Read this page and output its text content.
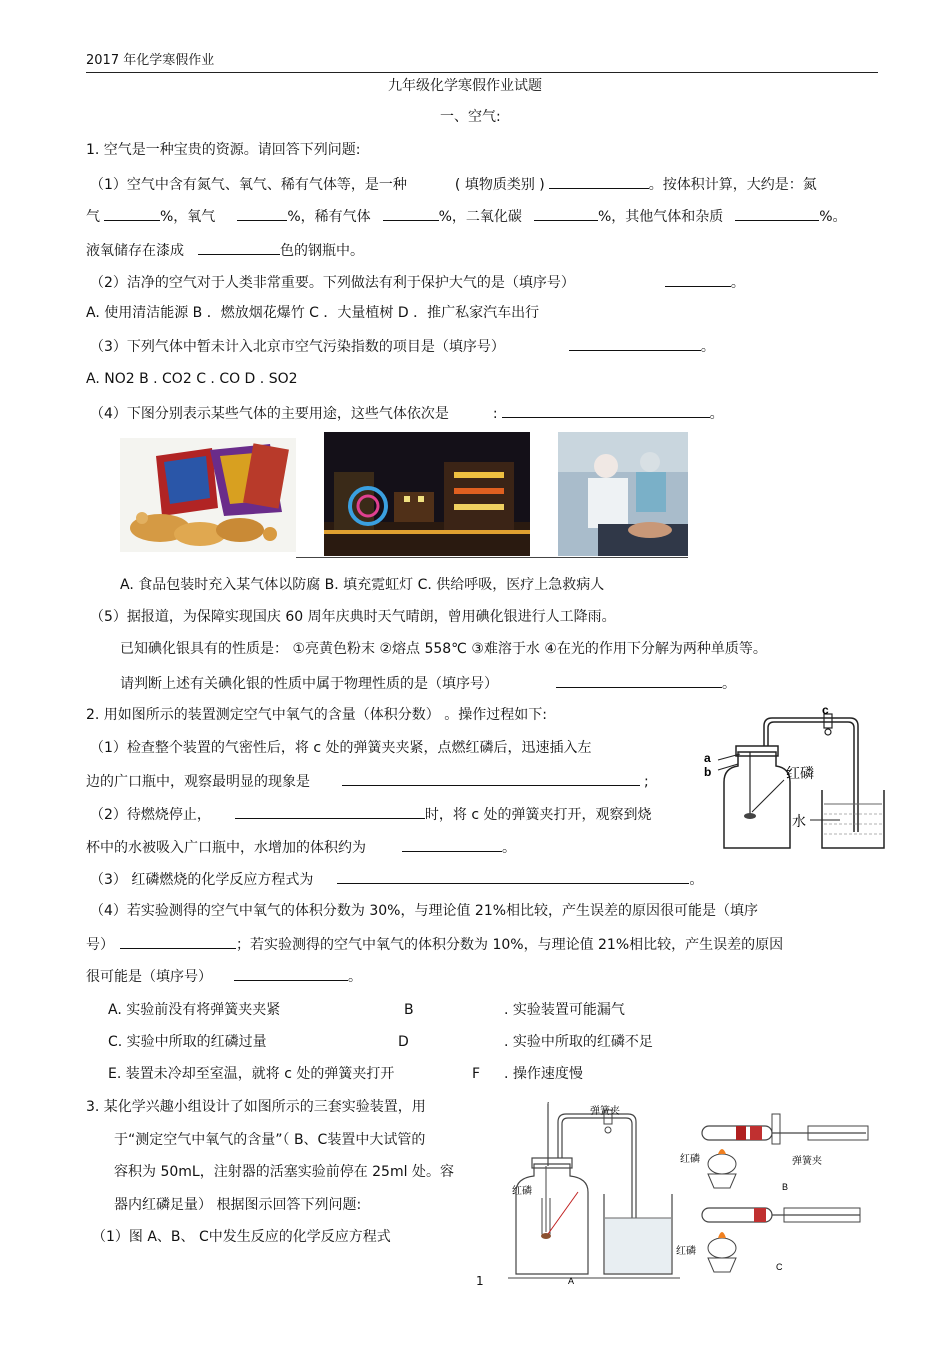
2017 年化学寒假作业
九年级化学寒假作业试题
一、空气:
1. 空气是一种宝贵的资源。请回答下列问题:
（1）空气中含有氮气、氧气、稀有气体等，是一种	( 填物质类别 )	。按体积计算，大约是：氮
气	%，氧气	%，稀有气体	%，二氧化碳	%，其他气体和杂质	%。
液氧储存在漆成	色的钢瓶中。
（2）洁净的空气对于人类非常重要。下列做法有利于保护大气的是（填序号）	。
A. 使用清洁能源 B ．燃放烟花爆竹 C ．大量植树 D ．推广私家汽车出行
（3）下列气体中暂未计入北京市空气污染指数的项目是（填序号）	。
A. NO2 B . CO2 C . CO D . SO2
（4）下图分别表示某些气体的主要用途，这些气体依次是	:	。
A. 食品包装时充入某气体以防腐 B. 填充霓虹灯 C. 供给呼吸，医疗上急救病人
（5）据报道，为保障实现国庆 60 周年庆典时天气晴朗，曾用碘化银进行人工降雨。
已知碘化银具有的性质是： ①亮黄色粉末 ②熔点 558℃ ③难溶于水 ④在光的作用下分解为两种单质等。
请判断上述有关碘化银的性质中属于物理性质的是（填序号）	。
2. 用如图所示的装置测定空气中氧气的含量（体积分数） 。操作过程如下:
（1）检查整个装置的气密性后，将 c 处的弹簧夹夹紧，点燃红磷后，迅速插入左
边的广口瓶中，观察最明显的现象是	;
（2）待燃烧停止，	时，将 c 处的弹簧夹打开，观察到烧
杯中的水被吸入广口瓶中，水增加的体积约为	。
（3） 红磷燃烧的化学反应方程式为	。
（4）若实验测得的空气中氧气的体积分数为 30%，与理论值 21%相比较，产生误差的原因很可能是（填序
号）	；若实验测得的空气中氧气的体积分数为 10%，与理论值 21%相比较，产生误差的原因
很可能是（填序号）	。
A. 实验前没有将弹簧夹夹紧	B	. 实验装置可能漏气
C. 实验中所取的红磷过量	D	. 实验中所取的红磷不足
E. 装置未冷却至室温，就将 c 处的弹簧夹打开	F . 操作速度慢
a
b
c
红磷
水
3. 某化学兴趣小组设计了如图所示的三套实验装置，用
于“测定空气中氧气的含量”（ B、C装置中大试管的
容积为 50mL，注射器的活塞实验前停在 25ml 处。容
器内红磷足量） 根据图示回答下列问题:
（1）图 A、B、 C中发生反应的化学反应方程式
弹簧夹
红磷
A
红磷	弹簧夹
B
红磷
C
1
